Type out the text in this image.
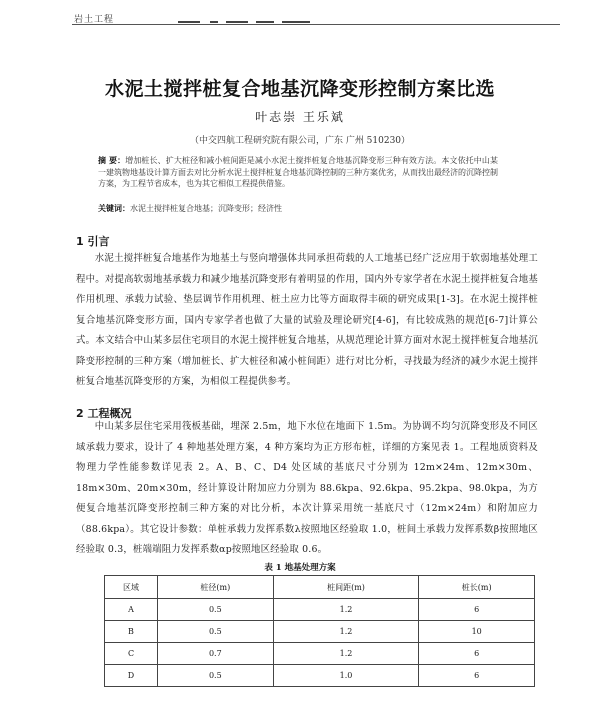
岩土工程
水泥土搅拌桩复合地基沉降变形控制方案比选
叶志崇 王乐斌
（中交四航工程研究院有限公司，广东 广州 510230）
摘 要：增加桩长、扩大桩径和减小桩间距是减小水泥土搅拌桩复合地基沉降变形三种有效方法。本文依托中山某一建筑物地基设计算方面去对比分析水泥土搅拌桩复合地基沉降控制的三种方案优劣，从而找出最经济的沉降控制方案，为工程节省成本，也为其它相似工程提供借鉴。
关键词：水泥土搅拌桩复合地基；沉降变形；经济性
1 引言
水泥土搅拌桩复合地基作为地基土与竖向增强体共同承担荷载的人工地基已经广泛应用于软弱地基处理工程中。对提高软弱地基承载力和减少地基沉降变形有着明显的作用，国内外专家学者在水泥土搅拌桩复合地基作用机理、承载力试验、垫层调节作用机理、桩土应力比等方面取得丰硕的研究成果[1-3]。在水泥土搅拌桩复合地基沉降变形方面，国内专家学者也做了大量的试验及理论研究[4-6]，有比较成熟的规范[6-7]计算公式。本文结合中山某多层住宅项目的水泥土搅拌桩复合地基，从规范理论计算方面对水泥土搅拌桩复合地基沉降变形控制的三种方案（增加桩长、扩大桩径和减小桩间距）进行对比分析，寻找最为经济的减少水泥土搅拌桩复合地基沉降变形的方案，为相似工程提供参考。
2 工程概况
中山某多层住宅采用筏板基础，埋深 2.5m，地下水位在地面下 1.5m。为协调不均匀沉降变形及不同区域承载力要求，设计了 4 种地基处理方案，4 种方案均为正方形布桩，详细的方案见表 1。工程地质资料及物理力学性能参数详见表 2。A、B、C、D4 处区域的基底尺寸分别为 12m×24m、12m×30m、18m×30m、20m×30m，经计算设计附加应力分别为 88.6kpa、92.6kpa、95.2kpa、98.0kpa，为方便复合地基沉降变形控制三种方案的对比分析，本次计算采用统一基底尺寸（12m×24m）和附加应力（88.6kpa）。其它设计参数：单桩承载力发挥系数λ按照地区经验取 1.0，桩间土承载力发挥系数β按照地区经验取 0.3，桩端端阻力发挥系数αp按照地区经验取 0.6。
表 1 地基处理方案
区域	桩径(m)	桩间距(m)	桩长(m)
A	0.5	1.2	6
B	0.5	1.2	10
C	0.7	1.2	6
D	0.5	1.0	6
